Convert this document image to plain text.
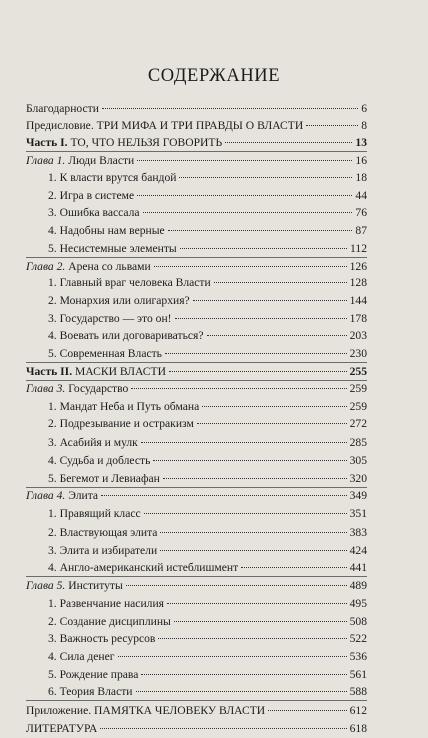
СОДЕРЖАНИЕ
Благодарности	6
Предисловие. ТРИ МИФА И ТРИ ПРАВДЫ О ВЛАСТИ	8
Часть I. ТО, ЧТО НЕЛЬЗЯ ГОВОРИТЬ	13
Глава 1. Люди Власти	16
1. К власти врутся бандой	18
2. Игра в системе	44
3. Ошибка вассала	76
4. Надобны нам верные	87
5. Несистемные элементы	112
Глава 2. Арена со львами	126
1. Главный враг человека Власти	128
2. Монархия или олигархия?	144
3. Государство — это он!	178
4. Воевать или договариваться?	203
5. Современная Власть	230
Часть II. МАСКИ ВЛАСТИ	255
Глава 3. Государство	259
1. Мандат Неба и Путь обмана	259
2. Подрезывание и остракизм	272
3. Асабийя и мулк	285
4. Судьба и доблесть	305
5. Бегемот и Левиафан	320
Глава 4. Элита	349
1. Правящий класс	351
2. Властвующая элита	383
3. Элита и избиратели	424
4. Англо-американский истеблишмент	441
Глава 5. Институты	489
1. Развенчание насилия	495
2. Создание дисциплины	508
3. Важность ресурсов	522
4. Сила денег	536
5. Рождение права	561
6. Теория Власти	588
Приложение. ПАМЯТКА ЧЕЛОВЕКУ ВЛАСТИ	612
ЛИТЕРАТУРА	618
